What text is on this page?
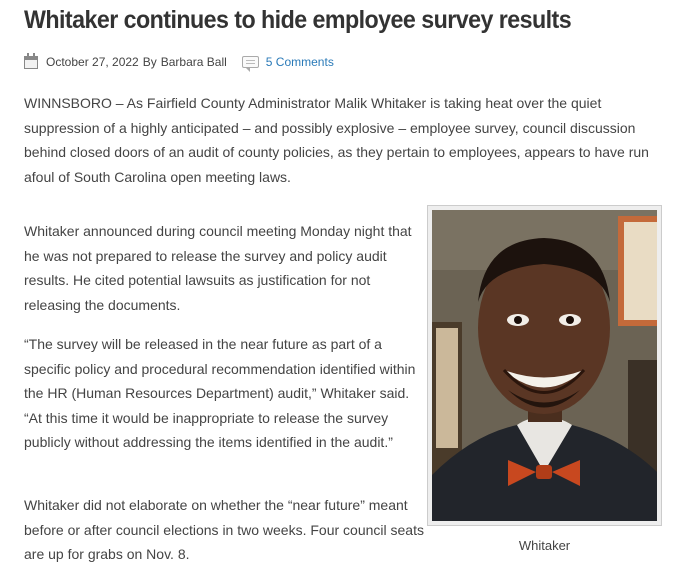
Whitaker continues to hide employee survey results
October 27, 2022 By Barbara Ball	5 Comments

WINNSBORO – As Fairfield County Administrator Malik Whitaker is taking heat over the quiet suppression of a highly anticipated – and possibly explosive – employee survey, council discussion behind closed doors of an audit of county policies, as they pertain to employees, appears to have run afoul of South Carolina open meeting laws.

Whitaker announced during council meeting Monday night that he was not prepared to release the survey and policy audit results. He cited potential lawsuits as justification for not releasing the documents.

“The survey will be released in the near future as part of a specific policy and procedural recommendation identified within the HR (Human Resources Department) audit,” Whitaker said. “At this time it would be inappropriate to release the survey publicly without addressing the items identified in the audit.”

Whitaker did not elaborate on whether the “near future” meant before or after council elections in two weeks. Four council seats are up for grabs on Nov. 8.

Whitaker
